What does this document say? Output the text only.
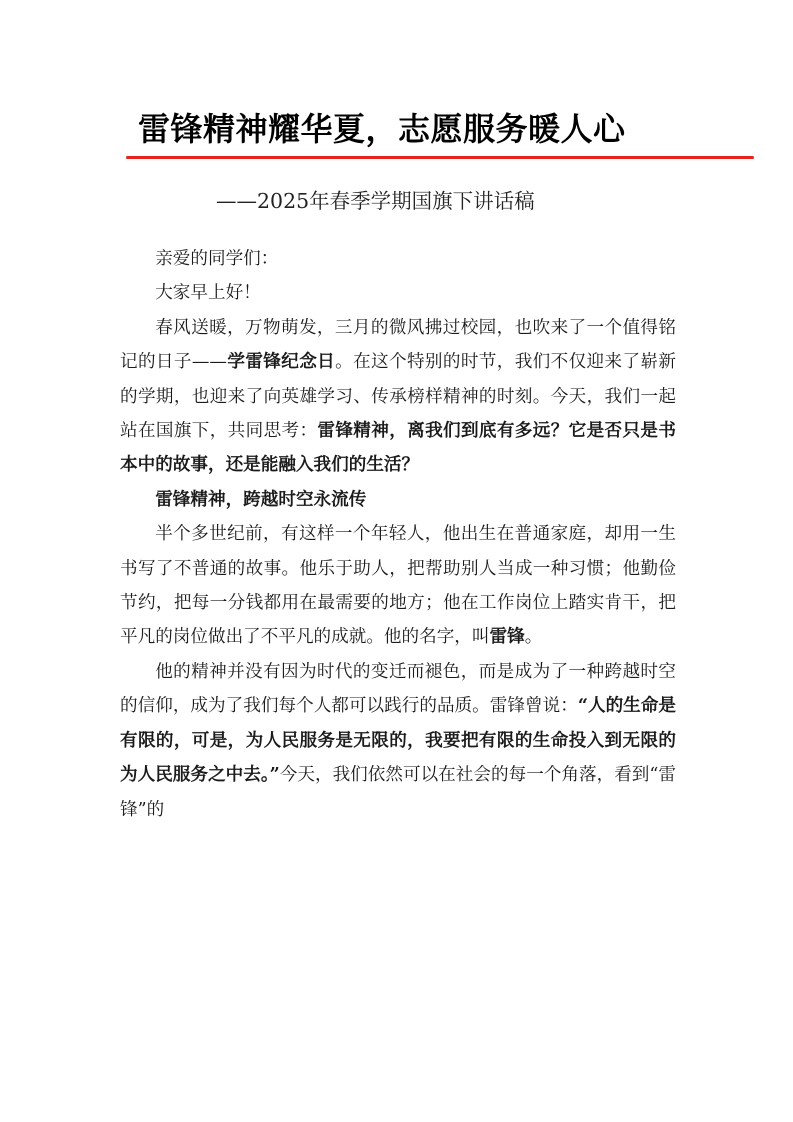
雷锋精神耀华夏，志愿服务暖人心
——2025年春季学期国旗下讲话稿

亲爱的同学们：

大家早上好！

春风送暖，万物萌发，三月的微风拂过校园，也吹来了一个值得铭记的日子——学雷锋纪念日。在这个特别的时节，我们不仅迎来了崭新的学期，也迎来了向英雄学习、传承榜样精神的时刻。今天，我们一起站在国旗下，共同思考：雷锋精神，离我们到底有多远？它是否只是书本中的故事，还是能融入我们的生活？

雷锋精神，跨越时空永流传

半个多世纪前，有这样一个年轻人，他出生在普通家庭，却用一生书写了不普通的故事。他乐于助人，把帮助别人当成一种习惯；他勤俭节约，把每一分钱都用在最需要的地方；他在工作岗位上踏实肯干，把平凡的岗位做出了不平凡的成就。他的名字，叫雷锋。

他的精神并没有因为时代的变迁而褪色，而是成为了一种跨越时空的信仰，成为了我们每个人都可以践行的品质。雷锋曾说：“人的生命是有限的，可是，为人民服务是无限的，我要把有限的生命投入到无限的为人民服务之中去。”今天，我们依然可以在社会的每一个角落，看到“雷锋”的
